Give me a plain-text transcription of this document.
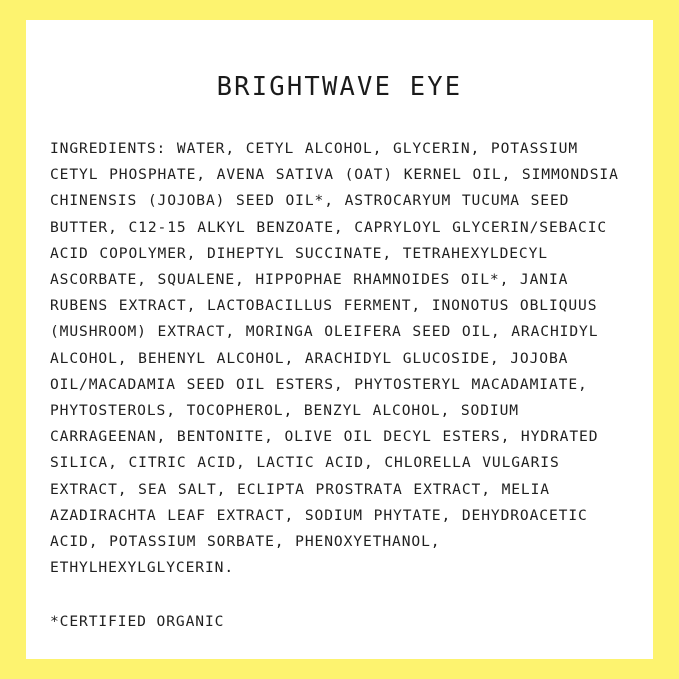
BRIGHTWAVE EYE
INGREDIENTS: WATER, CETYL ALCOHOL, GLYCERIN, POTASSIUM CETYL PHOSPHATE, AVENA SATIVA (OAT) KERNEL OIL, SIMMONDSIA CHINENSIS (JOJOBA) SEED OIL*, ASTROCARYUM TUCUMA SEED BUTTER, C12-15 ALKYL BENZOATE, CAPRYLOYL GLYCERIN/SEBACIC ACID COPOLYMER, DIHEPTYL SUCCINATE, TETRAHEXYLDECYL ASCORBATE, SQUALENE, HIPPOPHAE RHAMNOIDES OIL*, JANIA RUBENS EXTRACT, LACTOBACILLUS FERMENT, INONOTUS OBLIQUUS (MUSHROOM) EXTRACT, MORINGA OLEIFERA SEED OIL, ARACHIDYL ALCOHOL, BEHENYL ALCOHOL, ARACHIDYL GLUCOSIDE, JOJOBA OIL/MACADAMIA SEED OIL ESTERS, PHYTOSTERYL MACADAMIATE, PHYTOSTEROLS, TOCOPHEROL, BENZYL ALCOHOL, SODIUM CARRAGEENAN, BENTONITE, OLIVE OIL DECYL ESTERS, HYDRATED SILICA, CITRIC ACID, LACTIC ACID, CHLORELLA VULGARIS EXTRACT, SEA SALT, ECLIPTA PROSTRATA EXTRACT, MELIA AZADIRACHTA LEAF EXTRACT, SODIUM PHYTATE, DEHYDROACETIC ACID, POTASSIUM SORBATE, PHENOXYETHANOL, ETHYLHEXYLGLYCERIN.
*CERTIFIED ORGANIC
